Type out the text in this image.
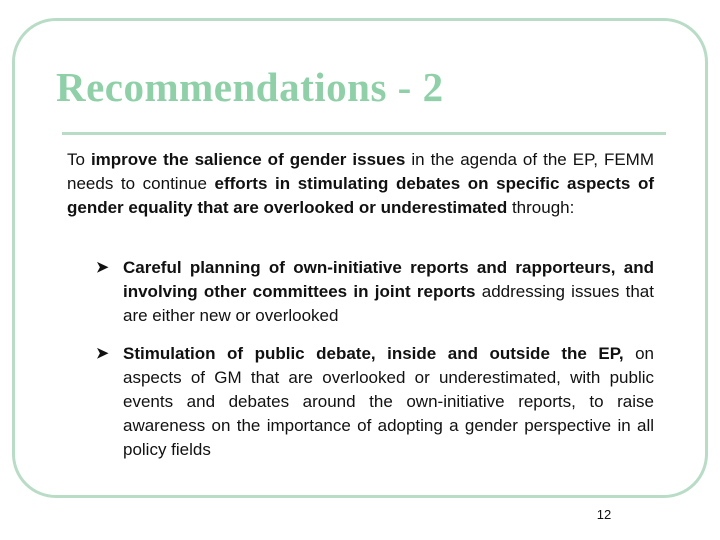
Recommendations - 2

To improve the salience of gender issues in the agenda of the EP, FEMM needs to continue efforts in stimulating debates on specific aspects of gender equality that are overlooked or underestimated through:

➤ Careful planning of own-initiative reports and rapporteurs, and involving other committees in joint reports addressing issues that are either new or overlooked
➤ Stimulation of public debate, inside and outside the EP, on aspects of GM that are overlooked or underestimated, with public events and debates around the own-initiative reports, to raise awareness on the importance of adopting a gender perspective in all policy fields
12
